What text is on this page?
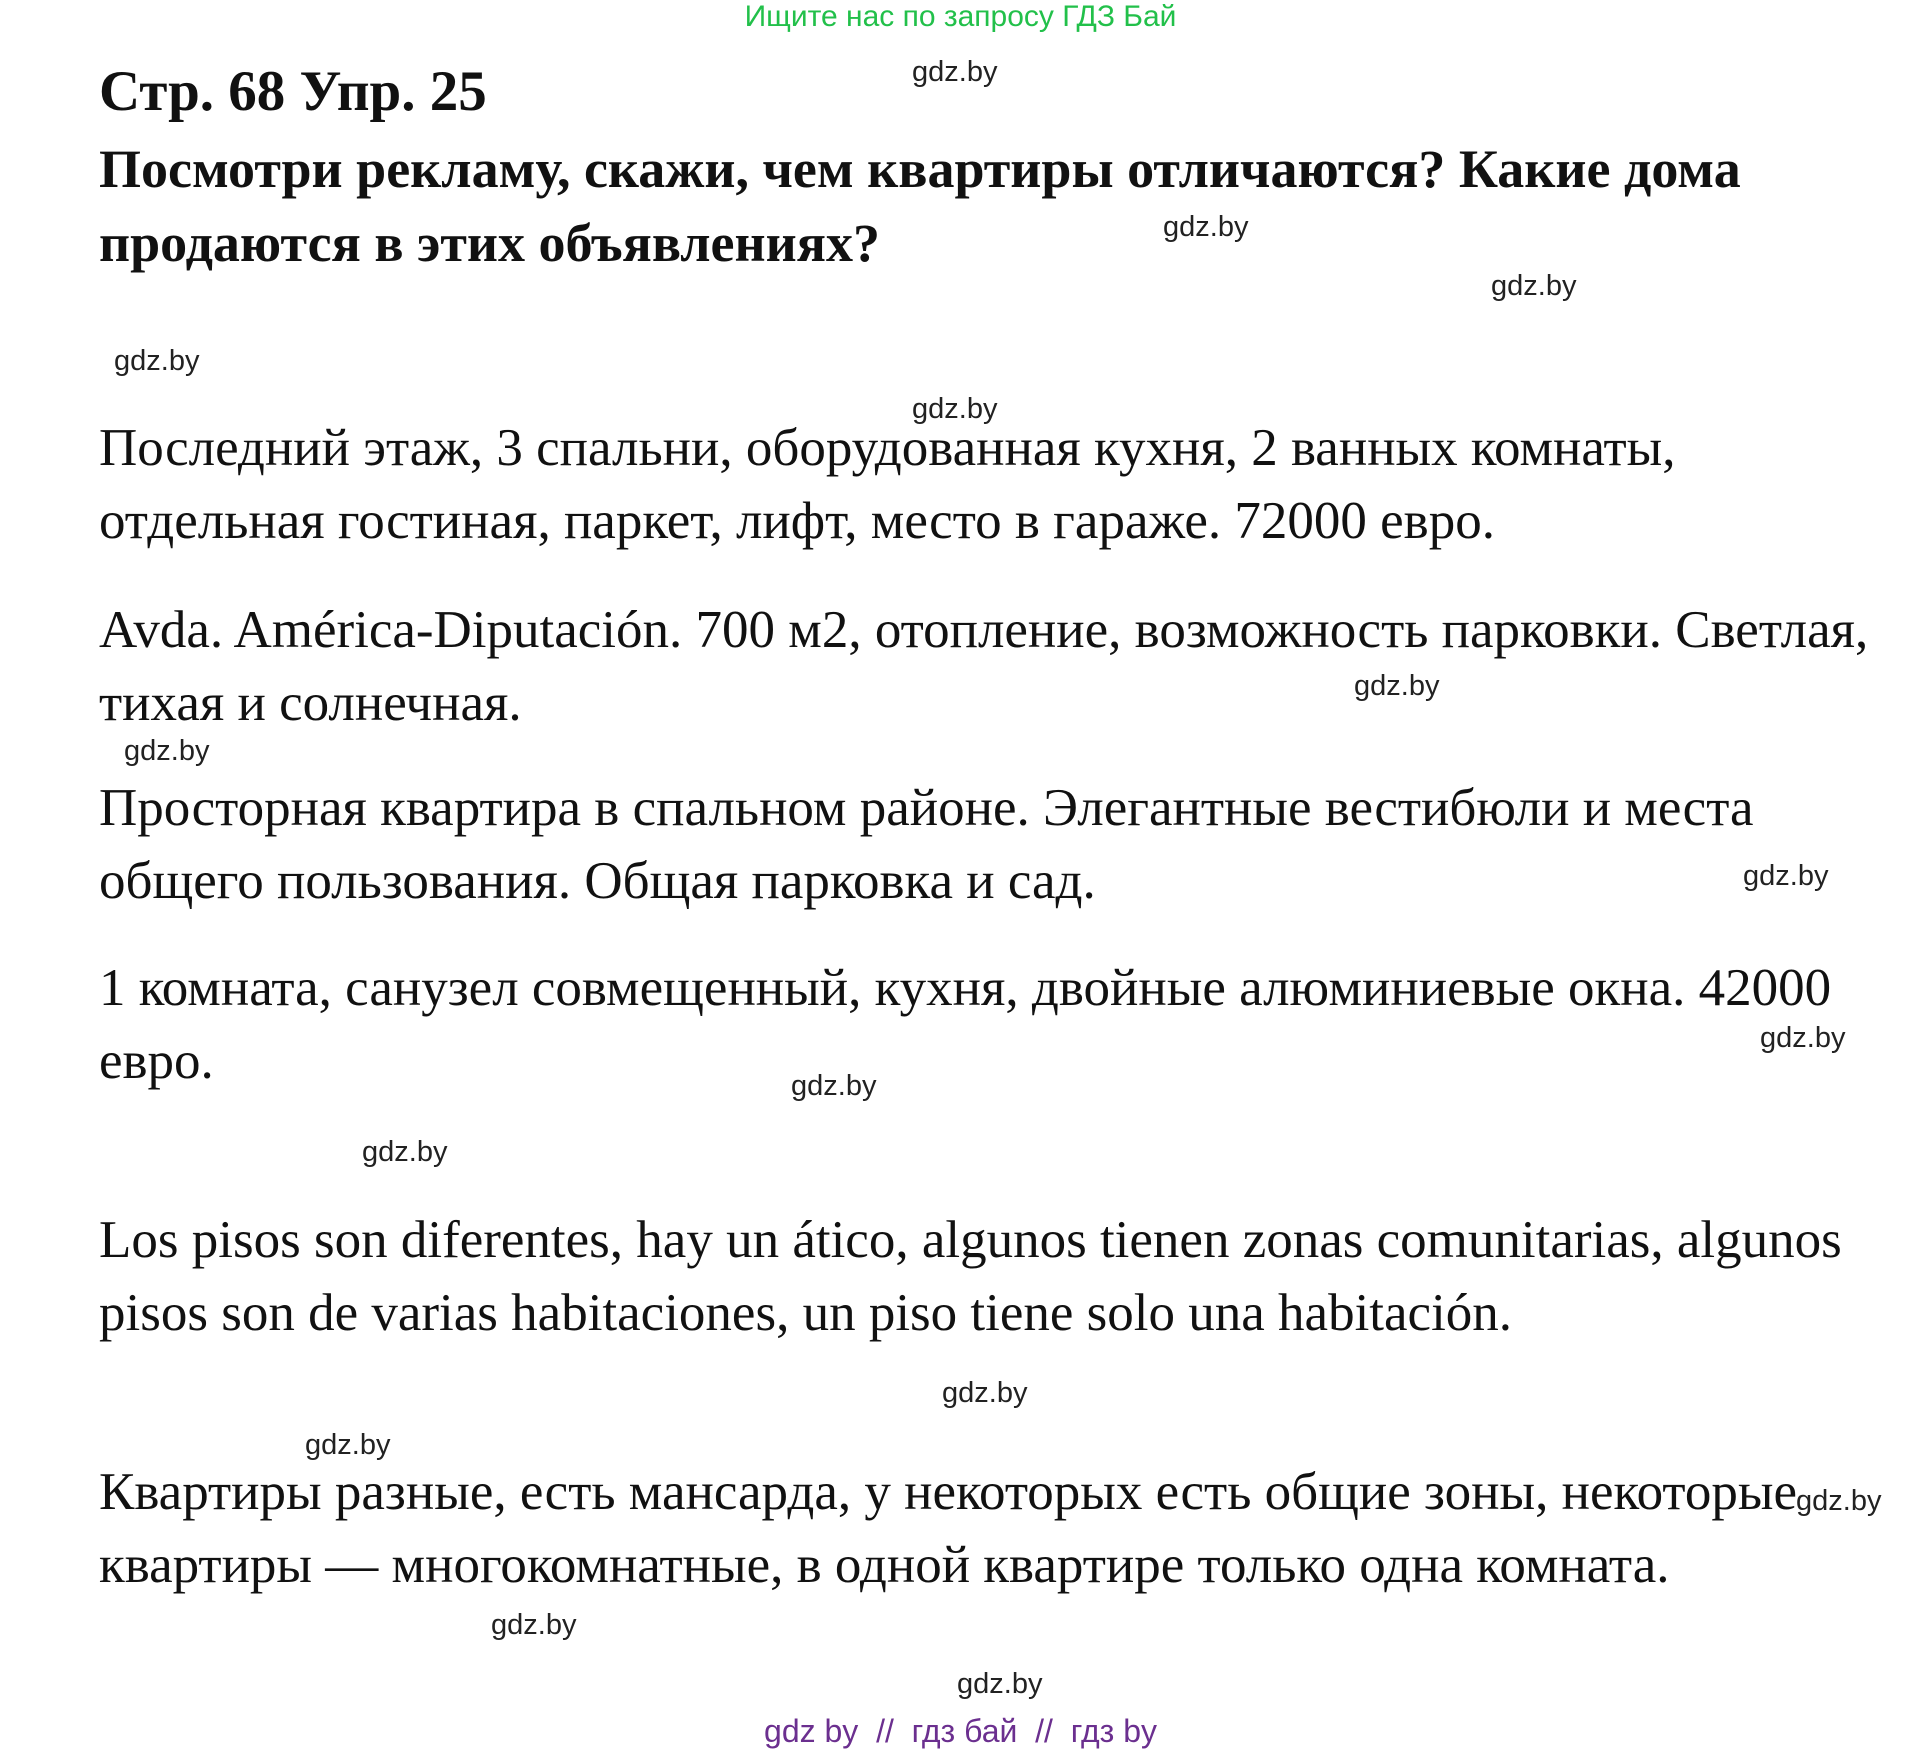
Ищите нас по запросу ГДЗ Бай
Стр. 68 Упр. 25
Посмотри рекламу, скажи, чем квартиры отличаются? Какие дома продаются в этих объявлениях?
Последний этаж, 3 спальни, оборудованная кухня, 2 ванных комнаты, отдельная гостиная, паркет, лифт, место в гараже. 72000 евро.
Avda. América-Diputación. 700 м2, отопление, возможность парковки. Светлая, тихая и солнечная.
Просторная квартира в спальном районе. Элегантные вестибюли и места общего пользования. Общая парковка и сад.
1 комната, санузел совмещенный, кухня, двойные алюминиевые окна. 42000 евро.
Los pisos son diferentes, hay un ático, algunos tienen zonas comunitarias, algunos pisos son de varias habitaciones, un piso tiene solo una habitación.
Квартиры разные, есть мансарда, у некоторых есть общие зоны, некоторые квартиры — многокомнатные, в одной квартире только одна комната.
gdz.by
gdz.by
gdz.by
gdz.by
gdz.by
gdz.by
gdz.by
gdz.by
gdz.by
gdz.by
gdz.by
gdz.by
gdz.by
gdz.by
gdz.by
gdz.by
gdz by  //  гдз бай  //  гдз by
